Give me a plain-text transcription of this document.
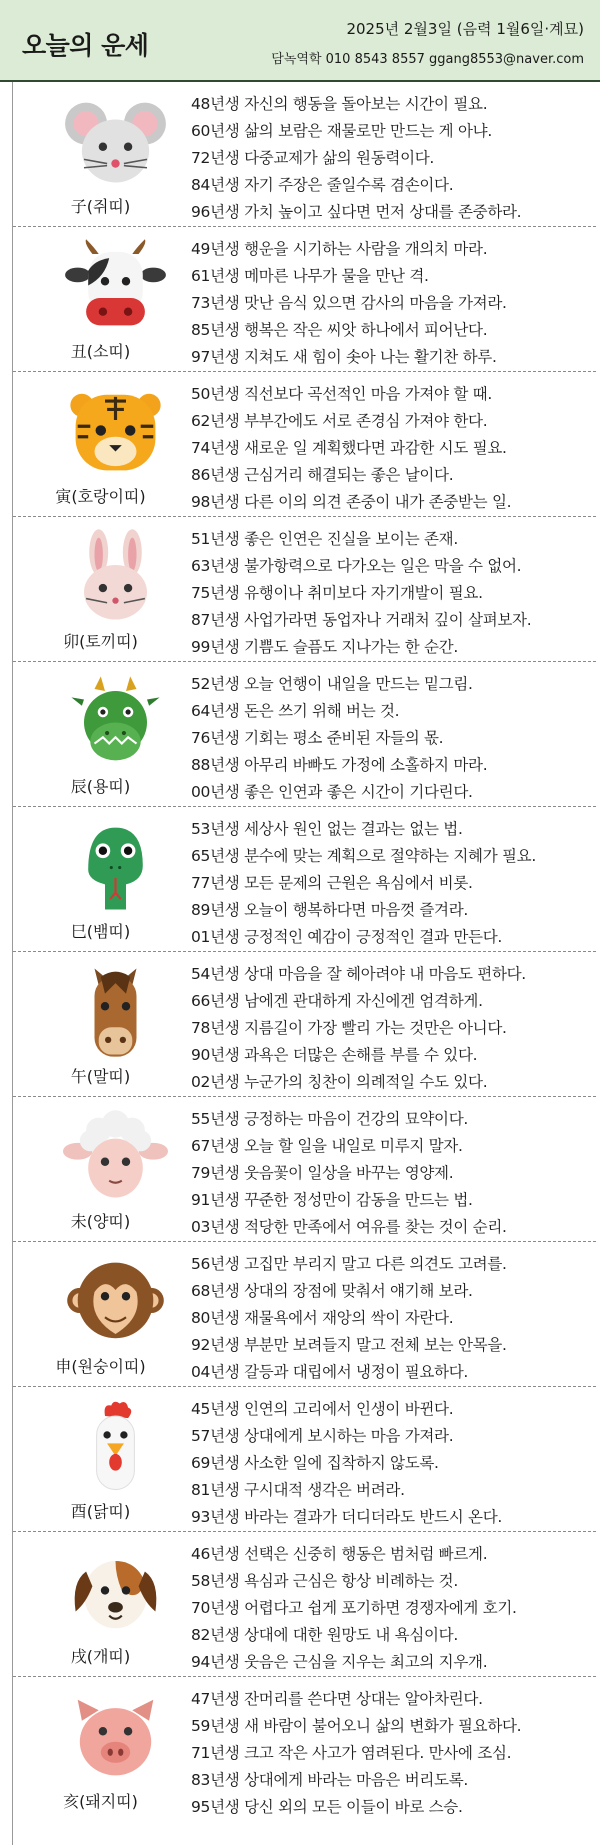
오늘의 운세
2025년 2월3일 (음력 1월6일·계묘)
담녹역학 010 8543 8557 ggang8553@naver.com
子(쥐띠)
48년생 자신의 행동을 돌아보는 시간이 필요.
60년생 삶의 보람은 재물로만 만드는 게 아냐.
72년생 다중교제가 삶의 원동력이다.
84년생 자기 주장은 줄일수록 겸손이다.
96년생 가치 높이고 싶다면 먼저 상대를 존중하라.
丑(소띠)
49년생 행운을 시기하는 사람을 개의치 마라.
61년생 메마른 나무가 물을 만난 격.
73년생 맛난 음식 있으면 감사의 마음을 가져라.
85년생 행복은 작은 씨앗 하나에서 피어난다.
97년생 지쳐도 새 힘이 솟아 나는 활기찬 하루.
寅(호랑이띠)
50년생 직선보다 곡선적인 마음 가져야 할 때.
62년생 부부간에도 서로 존경심 가져야 한다.
74년생 새로운 일 계획했다면 과감한 시도 필요.
86년생 근심거리 해결되는 좋은 날이다.
98년생 다른 이의 의견 존중이 내가 존중받는 일.
卯(토끼띠)
51년생 좋은 인연은 진실을 보이는 존재.
63년생 불가항력으로 다가오는 일은 막을 수 없어.
75년생 유행이나 취미보다 자기개발이 필요.
87년생 사업가라면 동업자나 거래처 깊이 살펴보자.
99년생 기쁨도 슬픔도 지나가는 한 순간.
辰(용띠)
52년생 오늘 언행이 내일을 만드는 밑그림.
64년생 돈은 쓰기 위해 버는 것.
76년생 기회는 평소 준비된 자들의 몫.
88년생 아무리 바빠도 가정에 소홀하지 마라.
00년생 좋은 인연과 좋은 시간이 기다린다.
巳(뱀띠)
53년생 세상사 원인 없는 결과는 없는 법.
65년생 분수에 맞는 계획으로 절약하는 지혜가 필요.
77년생 모든 문제의 근원은 욕심에서 비롯.
89년생 오늘이 행복하다면 마음껏 즐겨라.
01년생 긍정적인 예감이 긍정적인 결과 만든다.
午(말띠)
54년생 상대 마음을 잘 헤아려야 내 마음도 편하다.
66년생 남에겐 관대하게 자신에겐 엄격하게.
78년생 지름길이 가장 빨리 가는 것만은 아니다.
90년생 과욕은 더많은 손해를 부를 수 있다.
02년생 누군가의 칭찬이 의례적일 수도 있다.
未(양띠)
55년생 긍정하는 마음이 건강의 묘약이다.
67년생 오늘 할 일을 내일로 미루지 말자.
79년생 웃음꽃이 일상을 바꾸는 영양제.
91년생 꾸준한 정성만이 감동을 만드는 법.
03년생 적당한 만족에서 여유를 찾는 것이 순리.
申(원숭이띠)
56년생 고집만 부리지 말고 다른 의견도 고려를.
68년생 상대의 장점에 맞춰서 얘기해 보라.
80년생 재물욕에서 재앙의 싹이 자란다.
92년생 부분만 보려들지 말고 전체 보는 안목을.
04년생 갈등과 대립에서 냉정이 필요하다.
酉(닭띠)
45년생 인연의 고리에서 인생이 바뀐다.
57년생 상대에게 보시하는 마음 가져라.
69년생 사소한 일에 집착하지 않도록.
81년생 구시대적 생각은 버려라.
93년생 바라는 결과가 더디더라도 반드시 온다.
戌(개띠)
46년생 선택은 신중히 행동은 범처럼 빠르게.
58년생 욕심과 근심은 항상 비례하는 것.
70년생 어렵다고 쉽게 포기하면 경쟁자에게 호기.
82년생 상대에 대한 원망도 내 욕심이다.
94년생 웃음은 근심을 지우는 최고의 지우개.
亥(돼지띠)
47년생 잔머리를 쓴다면 상대는 알아차린다.
59년생 새 바람이 불어오니 삶의 변화가 필요하다.
71년생 크고 작은 사고가 염려된다. 만사에 조심.
83년생 상대에게 바라는 마음은 버리도록.
95년생 당신 외의 모든 이들이 바로 스승.
